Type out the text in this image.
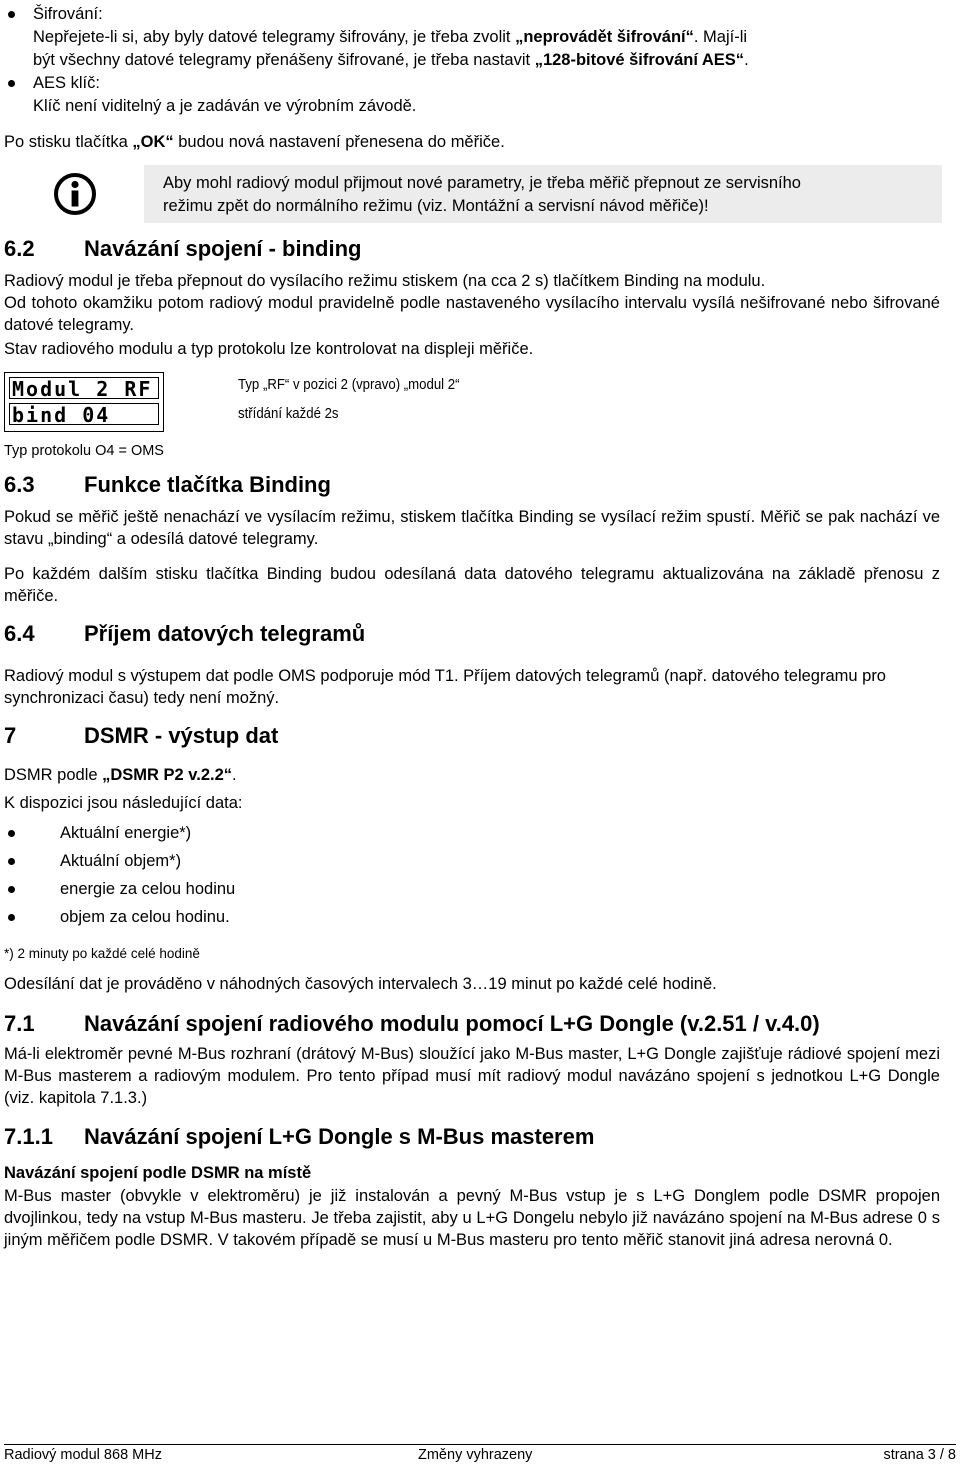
Šifrování:
Nepřejete-li si, aby byly datové telegramy šifrovány, je třeba zvolit „neprovádět šifrování“. Mají-li
být všechny datové telegramy přenášeny šifrované, je třeba nastavit „128-bitové šifrování AES“.
AES klíč:
Klíč není viditelný a je zadáván ve výrobním závodě.
Po stisku tlačítka „OK“ budou nová nastavení přenesena do měřiče.
Aby mohl radiový modul přijmout nové parametry, je třeba měřič přepnout ze servisního
režimu zpět do normálního režimu (viz. Montážní a servisní návod měřiče)!
6.2 Navázání spojení - binding
Radiový modul je třeba přepnout do vysílacího režimu stiskem (na cca 2 s) tlačítkem Binding na modulu.
Od tohoto okamžiku potom radiový modul pravidelně podle nastaveného vysílacího intervalu vysílá nešifrované nebo šifrované datové telegramy.
Stav radiového modulu a typ protokolu lze kontrolovat na displeji měřiče.
Modul 2 RF
bind 04
Typ „RF“ v pozici 2 (vpravo) „modul 2“
střídání každé 2s
Typ protokolu O4 = OMS
6.3 Funkce tlačítka Binding
Pokud se měřič ještě nenachází ve vysílacím režimu, stiskem tlačítka Binding se vysílací režim spustí. Měřič se pak nachází ve stavu „binding“ a odesílá datové telegramy.
Po každém dalším stisku tlačítka Binding budou odesílaná data datového telegramu aktualizována na základě přenosu z měřiče.
6.4 Příjem datových telegramů
Radiový modul s výstupem dat podle OMS podporuje mód T1. Příjem datových telegramů (např. datového telegramu pro synchronizaci času) tedy není možný.
7	DSMR - výstup dat
DSMR podle „DSMR P2 v.2.2“.
K dispozici jsou následující data:
Aktuální energie*)
Aktuální objem*)
energie za celou hodinu
objem za celou hodinu.
*) 2 minuty po každé celé hodině
Odesílání dat je prováděno v náhodných časových intervalech 3…19 minut po každé celé hodině.
7.1 Navázání spojení radiového modulu pomocí L+G Dongle (v.2.51 / v.4.0)
Má-li elektroměr pevné M-Bus rozhraní (drátový M-Bus) sloužící jako M-Bus master, L+G Dongle zajišťuje rádiové spojení mezi M-Bus masterem a radiovým modulem. Pro tento případ musí mít radiový modul navázáno spojení s jednotkou L+G Dongle (viz. kapitola 7.1.3.)
7.1.1 Navázání spojení L+G Dongle s M-Bus masterem
Navázání spojení podle DSMR na místě
M-Bus master (obvykle v elektroměru) je již instalován a pevný M-Bus vstup je s L+G Donglem podle DSMR propojen dvojlinkou, tedy na vstup M-Bus masteru. Je třeba zajistit, aby u L+G Dongelu nebylo již navázáno spojení na M-Bus adrese 0 s jiným měřičem podle DSMR. V takovém případě se musí u M-Bus masteru pro tento měřič stanovit jiná adresa nerovná 0.
Radiový modul 868 MHz	Změny vyhrazeny	strana 3 / 8
